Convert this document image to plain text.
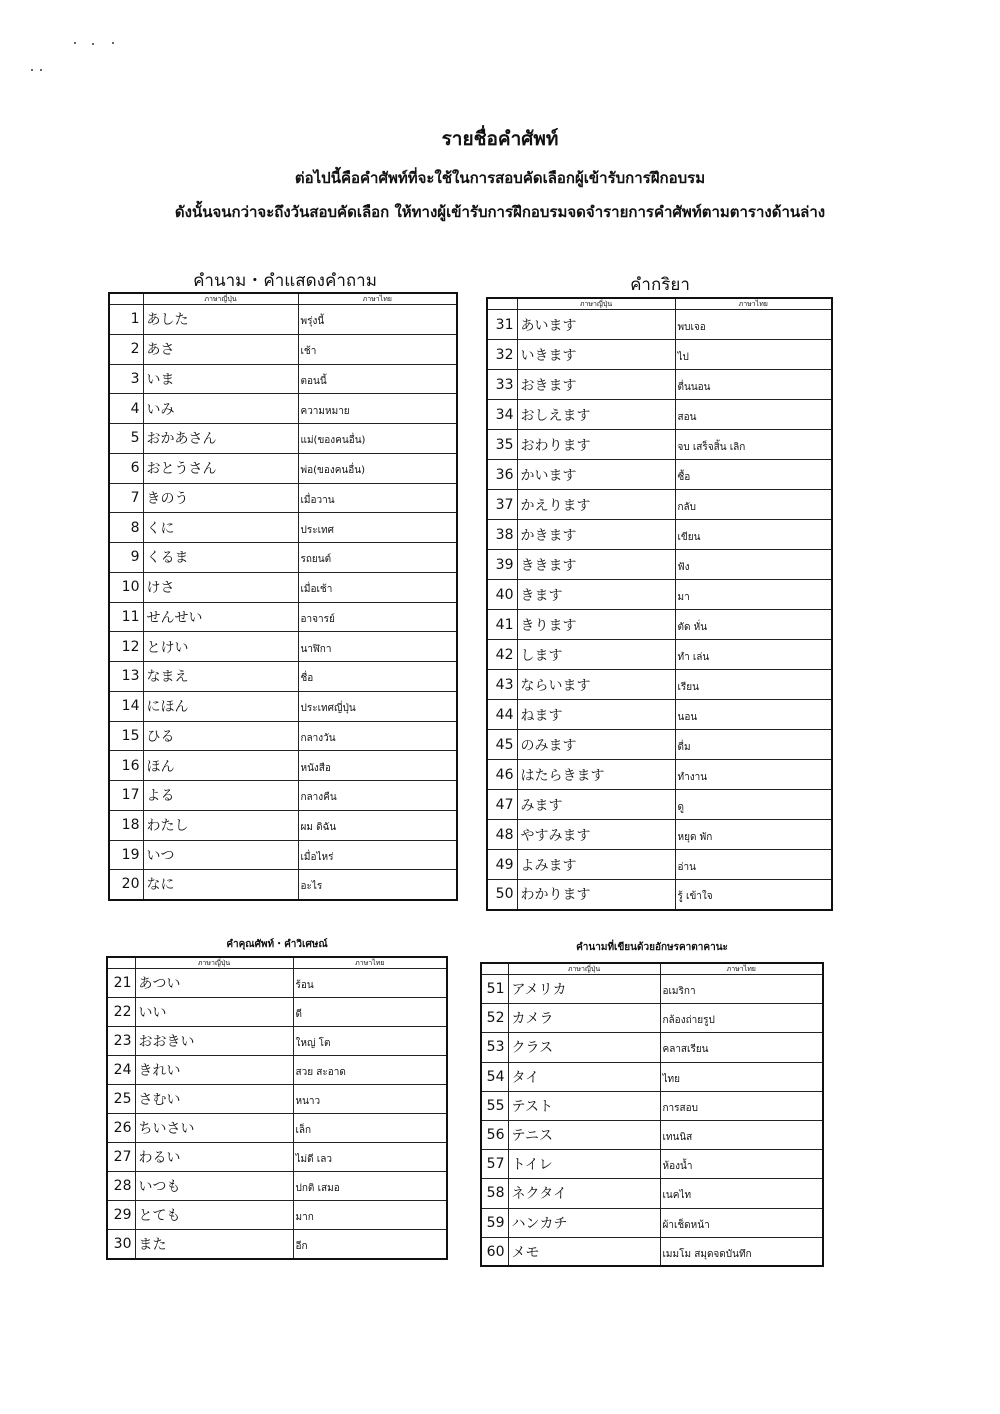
รายชื่อคำศัพท์
ต่อไปนี้คือคำศัพท์ที่จะใช้ในการสอบคัดเลือกผู้เข้ารับการฝึกอบรม
ดังนั้นจนกว่าจะถึงวันสอบคัดเลือก ให้ทางผู้เข้ารับการฝึกอบรมจดจำรายการคำศัพท์ตามตารางด้านล่าง
คำนาม・คำแสดงคำถาม	คำกริยา
คำคุณศัพท์・คำวิเศษณ์	คำนามที่เขียนด้วยอักษรคาตาคานะ
	ภาษาญี่ปุ่น	ภาษาไทย
1	あした	พรุ่งนี้
2	あさ	เช้า
3	いま	ตอนนี้
4	いみ	ความหมาย
5	おかあさん	แม่(ของคนอื่น)
6	おとうさん	พ่อ(ของคนอื่น)
7	きのう	เมื่อวาน
8	くに	ประเทศ
9	くるま	รถยนต์
10	けさ	เมื่อเช้า
11	せんせい	อาจารย์
12	とけい	นาฬิกา
13	なまえ	ชื่อ
14	にほん	ประเทศญี่ปุ่น
15	ひる	กลางวัน
16	ほん	หนังสือ
17	よる	กลางคืน
18	わたし	ผม ดิฉัน
19	いつ	เมื่อไหร่
20	なに	อะไร
	ภาษาญี่ปุ่น	ภาษาไทย
31	あいます	พบเจอ
32	いきます	ไป
33	おきます	ตื่นนอน
34	おしえます	สอน
35	おわります	จบ เสร็จสิ้น เลิก
36	かいます	ซื้อ
37	かえります	กลับ
38	かきます	เขียน
39	ききます	ฟัง
40	きます	มา
41	きります	ตัด หั่น
42	します	ทำ เล่น
43	ならいます	เรียน
44	ねます	นอน
45	のみます	ดื่ม
46	はたらきます	ทำงาน
47	みます	ดู
48	やすみます	หยุด พัก
49	よみます	อ่าน
50	わかります	รู้ เข้าใจ
	ภาษาญี่ปุ่น	ภาษาไทย
21	あつい	ร้อน
22	いい	ดี
23	おおきい	ใหญ่ โต
24	きれい	สวย สะอาด
25	さむい	หนาว
26	ちいさい	เล็ก
27	わるい	ไม่ดี เลว
28	いつも	ปกติ เสมอ
29	とても	มาก
30	また	อีก
	ภาษาญี่ปุ่น	ภาษาไทย
51	アメリカ	อเมริกา
52	カメラ	กล้องถ่ายรูป
53	クラス	คลาสเรียน
54	タイ	ไทย
55	テスト	การสอบ
56	テニス	เทนนิส
57	トイレ	ห้องน้ำ
58	ネクタイ	เนคไท
59	ハンカチ	ผ้าเช็ดหน้า
60	メモ	เมมโม สมุดจดบันทึก
